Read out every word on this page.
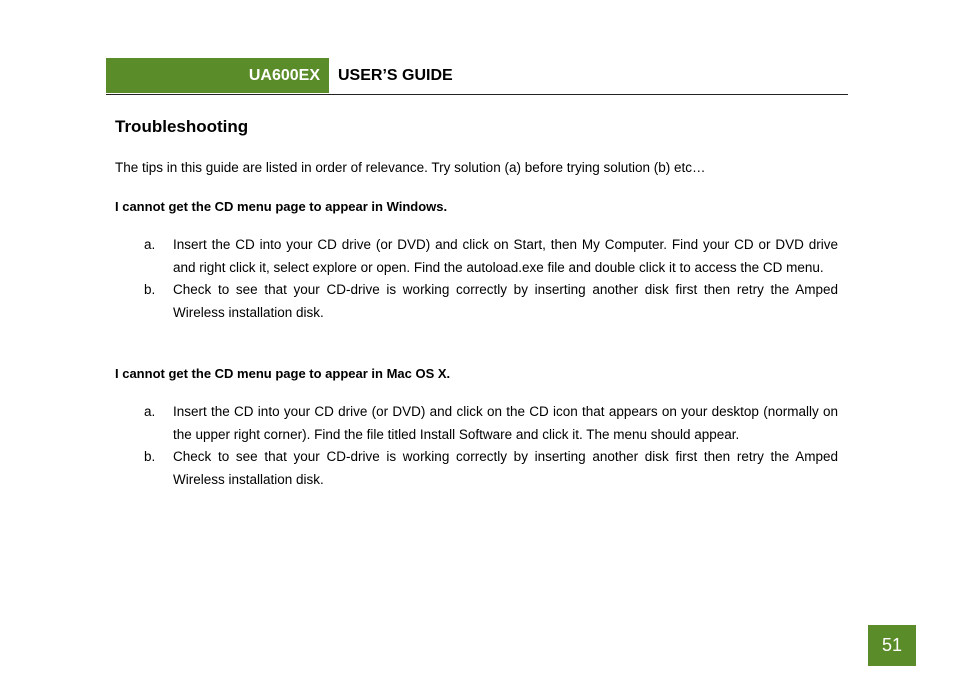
UA600EX	USER’S GUIDE
Troubleshooting

The tips in this guide are listed in order of relevance. Try solution (a) before trying solution (b) etc…

I cannot get the CD menu page to appear in Windows.

a. Insert the CD into your CD drive (or DVD) and click on Start, then My Computer. Find your CD or DVD drive and right click it, select explore or open. Find the autoload.exe file and double click it to access the CD menu.
b. Check to see that your CD-drive is working correctly by inserting another disk first then retry the Amped Wireless installation disk.

I cannot get the CD menu page to appear in Mac OS X.

a. Insert the CD into your CD drive (or DVD) and click on the CD icon that appears on your desktop (normally on the upper right corner). Find the file titled Install Software and click it. The menu should appear.
b. Check to see that your CD-drive is working correctly by inserting another disk first then retry the Amped Wireless installation disk.
51
